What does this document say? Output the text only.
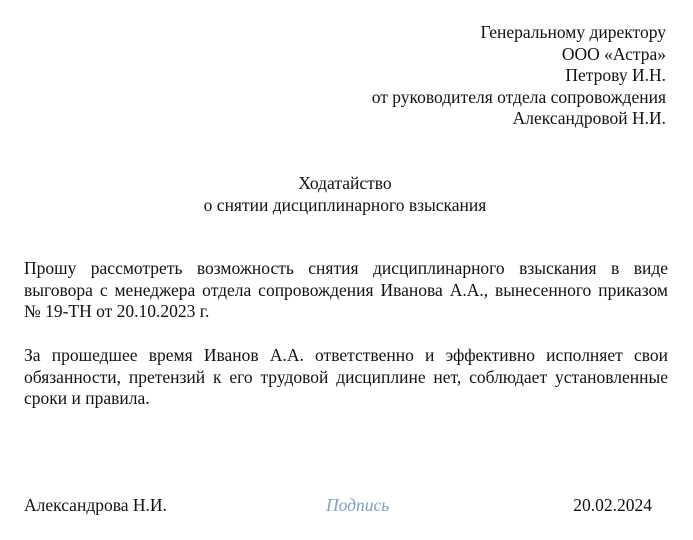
Генеральному директору
ООО «Астра»
Петрову И.Н.
от руководителя отдела сопровождения
Александровой Н.И.
Ходатайство
о снятии дисциплинарного взыскания
Прошу рассмотреть возможность снятия дисциплинарного взыскания в виде выговора с менеджера отдела сопровождения Иванова А.А., вынесенного приказом № 19-ТН от 20.10.2023 г.
За прошедшее время Иванов А.А. ответственно и эффективно исполняет свои обязанности, претензий к его трудовой дисциплине нет, соблюдает установленные сроки и правила.
Александрова Н.И.	Подпись	20.02.2024
